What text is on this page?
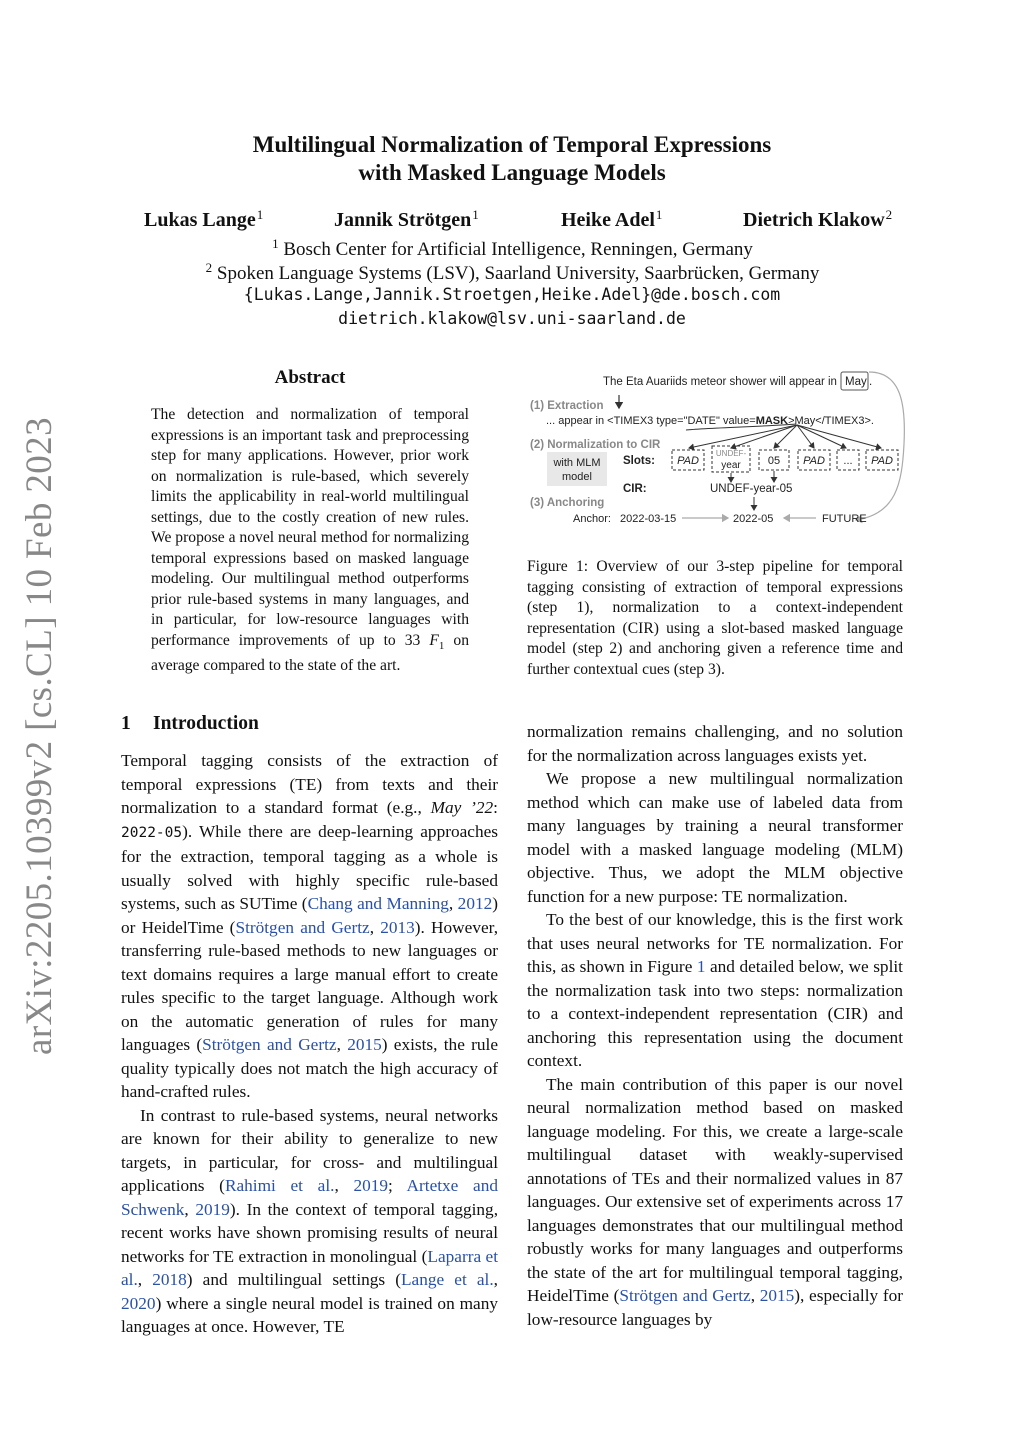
Multilingual Normalization of Temporal Expressions
with Masked Language Models
Lukas Lange$^1$	Jannik Strötgen$^1$	Heike Adel$^1$	Dietrich Klakow$^2$
$^1$ Bosch Center for Artificial Intelligence, Renningen, Germany
$^2$ Spoken Language Systems (LSV), Saarland University, Saarbrücken, Germany
{Lukas.Lange,Jannik.Stroetgen,Heike.Adel}@de.bosch.com
dietrich.klakow@lsv.uni-saarland.de
arXiv:2205.10399v2 [cs.CL] 10 Feb 2023
Abstract
The detection and normalization of temporal expressions is an important task and preprocessing step for many applications. However, prior work on normalization is rule-based, which severely limits the applicability in real-world multilingual settings, due to the costly creation of new rules. We propose a novel neural method for normalizing temporal expressions based on masked language modeling. Our multilingual method outperforms prior rule-based systems in many languages, and in particular, for low-resource languages with performance improvements of up to 33 $F_1$ on average compared to the state of the art.
1 Introduction

Temporal tagging consists of the extraction of temporal expressions (TE) from texts and their normalization to a standard format (e.g., May ’22: 2022-05). While there are deep-learning approaches for the extraction, temporal tagging as a whole is usually solved with highly specific rule-based systems, such as SUTime (Chang and Manning, 2012) or HeidelTime (Strötgen and Gertz, 2013). However, transferring rule-based methods to new languages or text domains requires a large manual effort to create rules specific to the target language. Although work on the automatic generation of rules for many languages (Strötgen and Gertz, 2015) exists, the rule quality typically does not match the high accuracy of hand-crafted rules.

In contrast to rule-based systems, neural networks are known for their ability to generalize to new targets, in particular, for cross- and multilingual applications (Rahimi et al., 2019; Artetxe and Schwenk, 2019). In the context of temporal tagging, recent works have shown promising results of neural networks for TE extraction in monolingual (Laparra et al., 2018) and multilingual settings (Lange et al., 2020) where a single neural model is trained on many languages at once. However, TE

The Eta Auariids meteor shower will appear in May .
(1) Extraction
... appear in <TIMEX3 type="DATE" value=MASK>May</TIMEX3>.
(2) Normalization to CIR
with MLM
model
Slots: PAD
UNDEF-
year 05 PAD ... PAD
CIR:	UNDEF-year-05
(3) Anchoring
Anchor: 2022-03-15	2022-05	FUTURE
Figure 1: Overview of our 3-step pipeline for temporal tagging consisting of extraction of temporal expressions (step 1), normalization to a context-independent representation (CIR) using a slot-based masked language model (step 2) and anchoring given a reference time and further contextual cues (step 3).

normalization remains challenging, and no solution for the normalization across languages exists yet.

We propose a new multilingual normalization method which can make use of labeled data from many languages by training a neural transformer model with a masked language modeling (MLM) objective. Thus, we adopt the MLM objective function for a new purpose: TE normalization.

To the best of our knowledge, this is the first work that uses neural networks for TE normalization. For this, as shown in Figure 1 and detailed below, we split the normalization task into two steps: normalization to a context-independent representation (CIR) and anchoring this representation using the document context.

The main contribution of this paper is our novel neural normalization method based on masked language modeling. For this, we create a large-scale multilingual dataset with weakly-supervised annotations of TEs and their normalized values in 87 languages. Our extensive set of experiments across 17 languages demonstrates that our multilingual method robustly works for many languages and outperforms the state of the art for multilingual temporal tagging, HeidelTime (Strötgen and Gertz, 2015), especially for low-resource languages by
